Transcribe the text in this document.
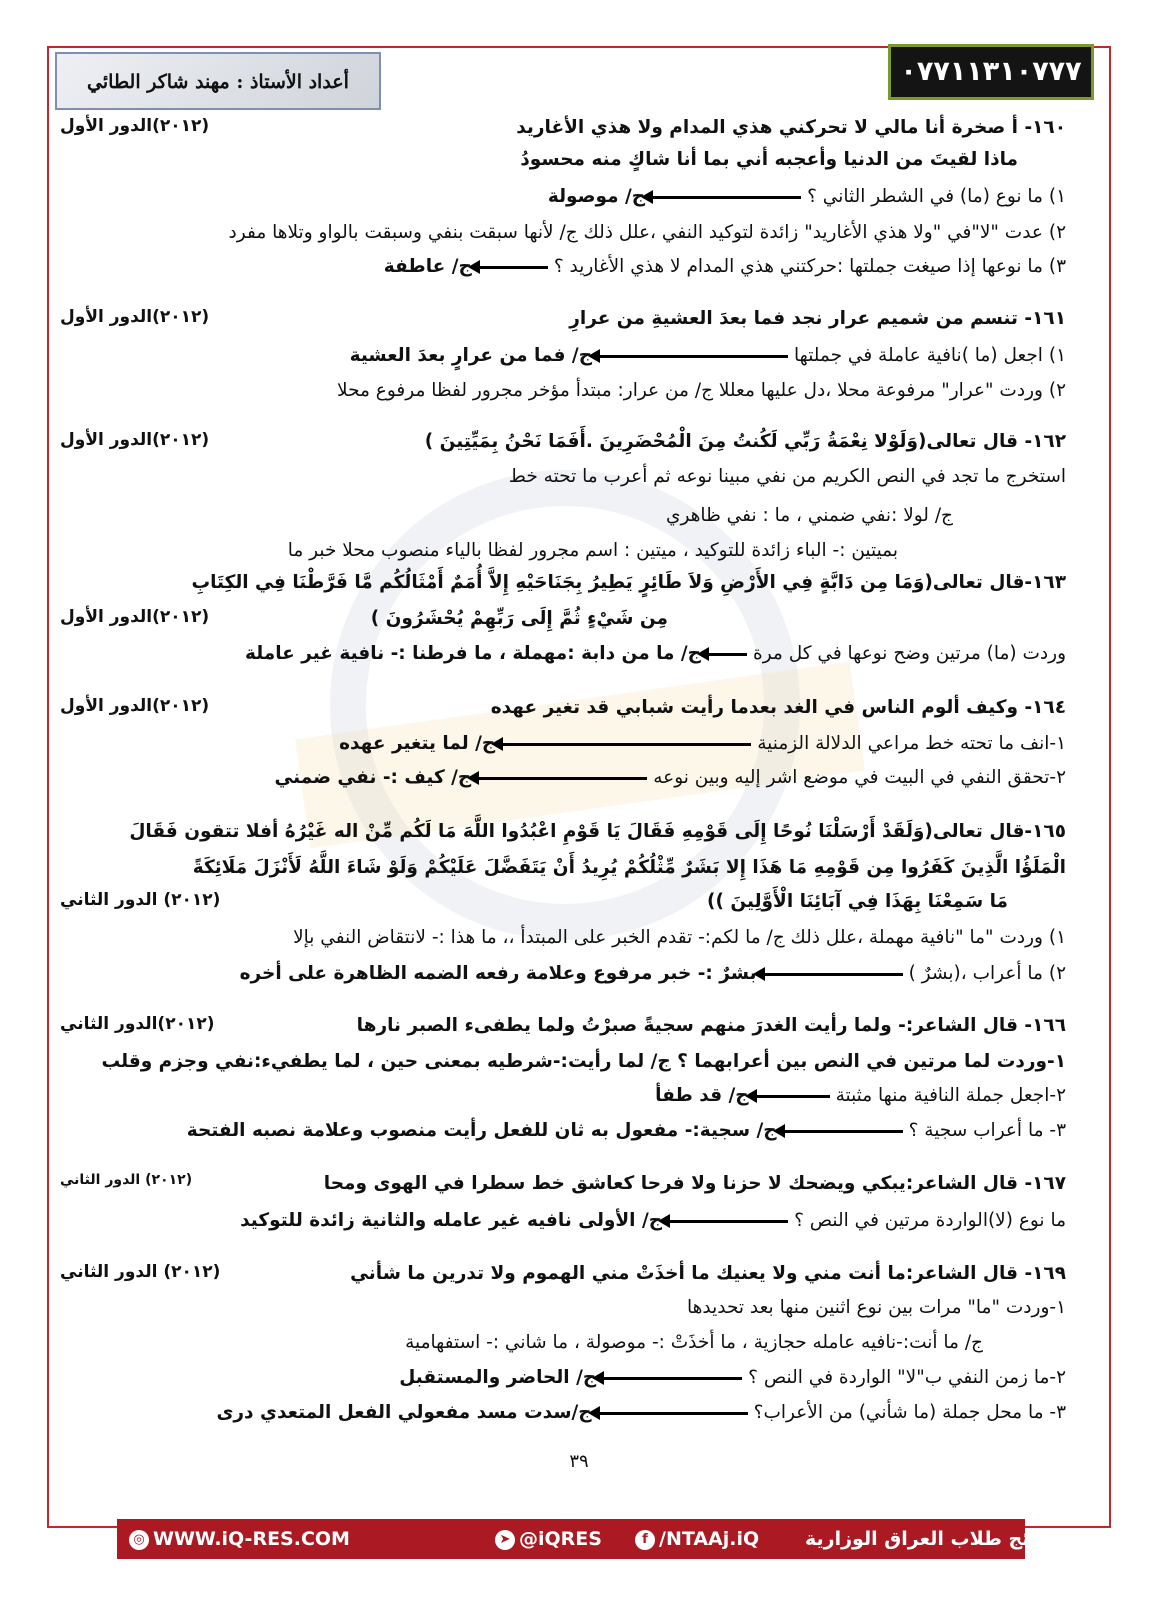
٠٧٧١١٣١٠٧٧٧
أعداد الأستاذ : مهند شاكر الطائي
١٦٠- أ صخرة أنا مالي لا تحركني هذي المدام ولا هذي الأغاريد
(٢٠١٢)الدور الأول
ماذا لقيتَ من الدنيا وأعجبه أني بما أنا شاكٍ منه محسودُ
١) ما نوع (ما) في الشطر الثاني ؟ج/ موصولة
٢) عدت "لا"في "ولا هذي الأغاريد" زائدة لتوكيد النفي ،علل ذلك ج/ لأنها سبقت بنفي وسبقت بالواو وتلاها مفرد
٣) ما نوعها إذا صيغت جملتها :حركتني هذي المدام لا هذي الأغاريد ؟ج/ عاطفة
١٦١- تنسم من شميم عرار نجد فما بعدَ العشيةِ من عرارِ
(٢٠١٢)الدور الأول
١) اجعل (ما )نافية عاملة في جملتهاج/ فما من عرارٍ بعدَ العشية
٢) وردت "عرار" مرفوعة محلا ،دل عليها معللا ج/ من عرار: مبتدأ مؤخر مجرور لفظا مرفوع محلا
١٦٢- قال تعالى(وَلَوْلا نِعْمَةُ رَبِّي لَكُنتُ مِنَ الْمُحْضَرِينَ .أَفَمَا نَحْنُ بِمَيِّتِينَ )
(٢٠١٢)الدور الأول
استخرج ما تجد في النص الكريم من نفي مبينا نوعه ثم أعرب ما تحته خط
ج/ لولا :نفي ضمني ، ما : نفي ظاهري
بميتين :- الباء زائدة للتوكيد ، ميتين : اسم مجرور لفظا بالياء منصوب محلا خبر ما
١٦٣-قال تعالى(وَمَا مِن دَابَّةٍ فِي الأَرْضِ وَلاَ طَائِرٍ يَطِيرُ بِجَنَاحَيْهِ إِلاَّ أُمَمٌ أَمْثَالُكُم مَّا فَرَّطْنَا فِي الكِتَابِ
مِن شَيْءٍ ثُمَّ إِلَى رَبِّهِمْ يُحْشَرُونَ )
(٢٠١٢)الدور الأول
وردت (ما) مرتين وضح نوعها في كل مرةج/ ما من دابة :مهملة ، ما فرطنا :- نافية غير عاملة
١٦٤- وكيف ألوم الناس في الغد بعدما رأيت شبابي قد تغير عهده
(٢٠١٢)الدور الأول
١-انف ما تحته خط مراعي الدلالة الزمنيةج/ لما يتغير عهده
٢-تحقق النفي في البيت في موضع اشر إليه وبين نوعهج/ كيف :- نفي ضمني
١٦٥-قال تعالى(وَلَقَدْ أَرْسَلْنَا نُوحًا إِلَى قَوْمِهِ فَقَالَ يَا قَوْمِ اعْبُدُوا اللَّهَ مَا لَكُم مِّنْ اله غَيْرُهُ أفلا تتقون فَقَالَ
الْمَلَؤُا الَّذِينَ كَفَرُوا مِن قَوْمِهِ مَا هَذَا إِلا بَشَرٌ مِّثْلُكُمْ يُرِيدُ أَنْ يَتَفَضَّلَ عَلَيْكُمْ وَلَوْ شَاءَ اللَّهُ لَأَنْزَلَ مَلَائِكَةً
مَا سَمِعْنَا بِهَذَا فِي آبَائِنَا الْأَوَّلِينَ ))
(٢٠١٢) الدور الثاني
١) وردت "ما "نافية مهملة ،علل ذلك ج/ ما لكم:- تقدم الخبر على المبتدأ ،، ما هذا :- لانتقاض النفي بإلا
٢) ما أعراب ،(بشرٌ )بشرٌ :- خبر مرفوع وعلامة رفعه الضمه الظاهرة على أخره
١٦٦- قال الشاعر:- ولما رأيت الغدرَ منهم سجيةً صبرْتُ ولما يطفىء الصبر نارها
(٢٠١٢)الدور الثاني
١-وردت لما مرتين في النص بين أعرابهما ؟ ج/ لما رأيت:-شرطيه بمعنى حين ، لما يطفيء:نفي وجزم وقلب
٢-اجعل جملة النافية منها مثبتةج/ قد طفأ
٣- ما أعراب سجية ؟ج/ سجية:- مفعول به ثان للفعل رأيت منصوب وعلامة نصبه الفتحة
١٦٧- قال الشاعر:يبكي ويضحك لا حزنا ولا فرحا كعاشق خط سطرا في الهوى ومحا
(٢٠١٢) الدور الثاني
ما نوع (لا)الواردة مرتين في النص ؟ج/ الأولى نافيه غير عامله والثانية زائدة للتوكيد
١٦٩- قال الشاعر:ما أنت مني ولا يعنيك ما أخذَتْ مني الهموم ولا تدرين ما شأني
(٢٠١٢) الدور الثاني
١-وردت "ما" مرات بين نوع اثنين منها بعد تحديدها
ج/ ما أنت:-نافيه عامله حجازية ، ما أخذَتْ :- موصولة ، ما شاني :- استفهامية
٢-ما زمن النفي ب"لا" الواردة في النص ؟ج/ الحاضر والمستقبل
٣- ما محل جملة (ما شأني) من الأعراب؟ج/سدت مسد مفعولي الفعل المتعدي درى
٣٩
◎ WWW.iQ-RES.COM	➤ @iQRES	f /NTAAj.iQ موقع نتائج طلاب العراق الوزارية
